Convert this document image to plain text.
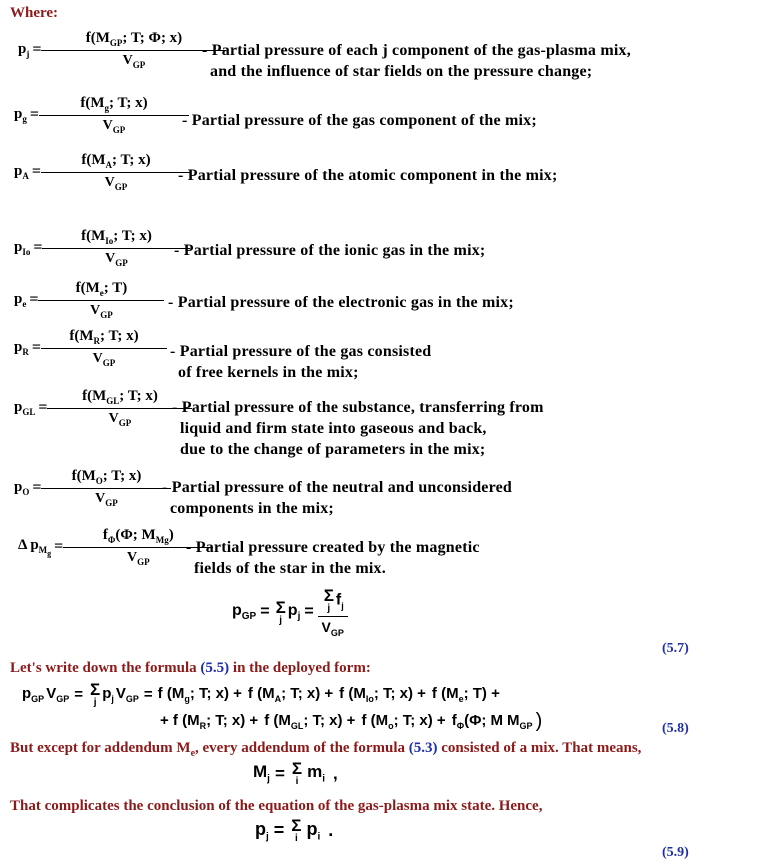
Where:
$p_j = \frac{f(M_{GP}; T; \Phi; x)}{V_{GP}}$
- Partial pressure of each j component of the gas-plasma mix,
and the influence of star fields on the pressure change;
$p_g = \frac{f(M_g; T; x)}{V_{GP}}$
- Partial pressure of the gas component of the mix;
$p_A = \frac{f(M_A; T; x)}{V_{GP}}$
- Partial pressure of the atomic component in the mix;
$p_{Io} = \frac{f(M_{Io}; T; x)}{V_{GP}}$
- Partial pressure of the ionic gas in the mix;
$p_e = \frac{f(M_e; T)}{V_{GP}}$ - Partial pressure of the electronic gas in the mix;
$p_R = \frac{f(M_R; T; x)}{V_{GP}}$ - Partial pressure of the gas consisted
of free kernels in the mix;
$p_{GL} = \frac{f(M_{GL}; T; x)}{V_{GP}}$
- Partial pressure of the substance, transferring from
liquid and firm state into gaseous and back,
due to the change of parameters in the mix;
$p_O = \frac{f(M_O; T; x)}{V_{GP}}$
- Partial pressure of the neutral and unconsidered
components in the mix;
Δ $p_{M_g} = \frac{f_\Phi(\Phi; M_{Mg})}{V_{GP}}$
- Partial pressure created by the magnetic
fields of the star in the mix.
$p_{GP} = \Sigma$
j
$p_j = \Sigma$
j $f_j$
$V_{GP}$
(5.7)
Let's write down the formula (5.5) in the deployed form:
$p_{GP}$ $V_{GP} = \Sigma$
j
$p_j$ $V_{GP} = f$ ($M_g$; T; x) + f ($M_A$; T; x) + f ($M_{Io}$; T; x) + f ($M_e$; T) +
+ f ($M_R$; T; x) + f ($M_{GL}$; T; x) + f ($M_o$; T; $x) + f_\Phi(\Phi$; M $M_{GP}$ )	(5.8)
But except for addendum $M_e$, every addendum of the formula (5.3) consisted of a mix. That means,
$M_j = \Sigma$
i
$m_i$ ,
That complicates the conclusion of the equation of the gas-plasma mix state. Hence,
$p_j = \Sigma$
i $p_i$ .
(5.9)
